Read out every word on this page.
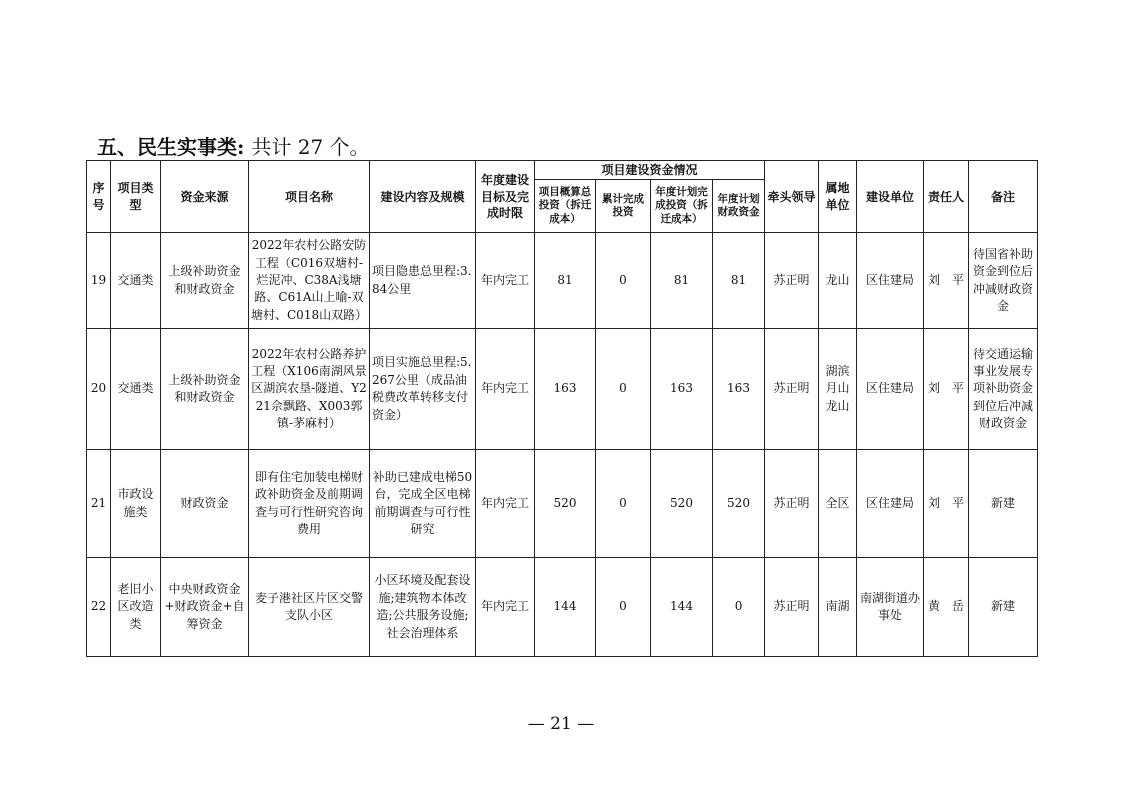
五、民生实事类: 共计 27 个。
序号	项目类型	资金来源	项目名称	建设内容及规模	年度建设目标及完成时限	项目建设资金情况				牵头领导	属地单位	建设单位	责任人	备注
						项目概算总投资（拆迁成本）	累计完成投资	年度计划完成投资（拆迁成本）	年度计划财政资金					
19	交通类	上级补助资金和财政资金	2022年农村公路安防工程（C016双塘村-烂泥冲、C38A浅塘路、C61A山上喻-双塘村、C018山双路）	项目隐患总里程:3.84公里	年内完工	81	0	81	81	苏正明	龙山	区住建局	刘　平	待国省补助资金到位后冲减财政资金
20	交通类	上级补助资金和财政资金	2022年农村公路养护工程（X106南湖风景区湖滨农垦-隧道、Y221佘飘路、X003郭镇-茅麻村）	项目实施总里程:5.267公里（成品油税费改革转移支付资金）	年内完工	163	0	163	163	苏正明	湖滨月山龙山	区住建局	刘　平	待交通运输事业发展专项补助资金到位后冲减财政资金
21	市政设施类	财政资金	即有住宅加装电梯财政补助资金及前期调查与可行性研究咨询费用	补助已建成电梯50台，完成全区电梯前期调查与可行性研究	年内完工	520	0	520	520	苏正明	全区	区住建局	刘　平	新建
22	老旧小区改造类	中央财政资金+财政资金+自筹资金	麦子港社区片区交警支队小区	小区环境及配套设施;建筑物本体改造;公共服务设施;社会治理体系	年内完工	144	0	144	0	苏正明	南湖	南湖街道办事处	黄　岳	新建
— 21 —
